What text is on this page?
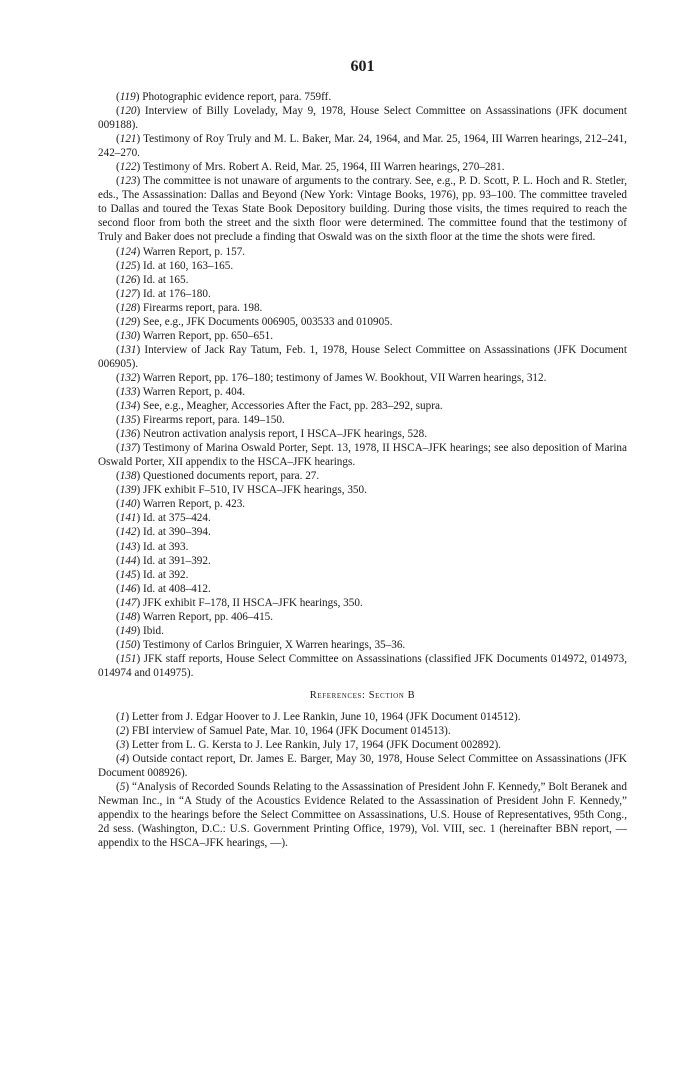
601

(119) Photographic evidence report, para. 759ff.

(120) Interview of Billy Lovelady, May 9, 1978, House Select Committee on Assassinations (JFK document 009188).

(121) Testimony of Roy Truly and M. L. Baker, Mar. 24, 1964, and Mar. 25, 1964, III Warren hearings, 212–241, 242–270.

(122) Testimony of Mrs. Robert A. Reid, Mar. 25, 1964, III Warren hearings, 270–281.

(123) The committee is not unaware of arguments to the contrary. See, e.g., P. D. Scott, P. L. Hoch and R. Stetler, eds., The Assassination: Dallas and Beyond (New York: Vintage Books, 1976), pp. 93–100. The committee traveled to Dallas and toured the Texas State Book Depository building. During those visits, the times required to reach the second floor from both the street and the sixth floor were determined. The committee found that the testimony of Truly and Baker does not preclude a finding that Oswald was on the sixth floor at the time the shots were fired.

(124) Warren Report, p. 157.

(125) Id. at 160, 163–165.

(126) Id. at 165.

(127) Id. at 176–180.

(128) Firearms report, para. 198.

(129) See, e.g., JFK Documents 006905, 003533 and 010905.

(130) Warren Report, pp. 650–651.

(131) Interview of Jack Ray Tatum, Feb. 1, 1978, House Select Committee on Assassinations (JFK Document 006905).

(132) Warren Report, pp. 176–180; testimony of James W. Bookhout, VII Warren hearings, 312.

(133) Warren Report, p. 404.

(134) See, e.g., Meagher, Accessories After the Fact, pp. 283–292, supra.

(135) Firearms report, para. 149–150.

(136) Neutron activation analysis report, I HSCA–JFK hearings, 528.

(137) Testimony of Marina Oswald Porter, Sept. 13, 1978, II HSCA–JFK hearings; see also deposition of Marina Oswald Porter, XII appendix to the HSCA–JFK hearings.

(138) Questioned documents report, para. 27.

(139) JFK exhibit F–510, IV HSCA–JFK hearings, 350.

(140) Warren Report, p. 423.

(141) Id. at 375–424.

(142) Id. at 390–394.

(143) Id. at 393.

(144) Id. at 391–392.

(145) Id. at 392.

(146) Id. at 408–412.

(147) JFK exhibit F–178, II HSCA–JFK hearings, 350.

(148) Warren Report, pp. 406–415.

(149) Ibid.

(150) Testimony of Carlos Bringuier, X Warren hearings, 35–36.

(151) JFK staff reports, House Select Committee on Assassinations (classified JFK Documents 014972, 014973, 014974 and 014975).

References: Section B

(1) Letter from J. Edgar Hoover to J. Lee Rankin, June 10, 1964 (JFK Document 014512).

(2) FBI interview of Samuel Pate, Mar. 10, 1964 (JFK Document 014513).

(3) Letter from L. G. Kersta to J. Lee Rankin, July 17, 1964 (JFK Document 002892).

(4) Outside contact report, Dr. James E. Barger, May 30, 1978, House Select Committee on Assassinations (JFK Document 008926).

(5) “Analysis of Recorded Sounds Relating to the Assassination of President John F. Kennedy,” Bolt Beranek and Newman Inc., in “A Study of the Acoustics Evidence Related to the Assassination of President John F. Kennedy,” appendix to the hearings before the Select Committee on Assassinations, U.S. House of Representatives, 95th Cong., 2d sess. (Washington, D.C.: U.S. Government Printing Office, 1979), Vol. VIII, sec. 1 (hereinafter BBN report, — appendix to the HSCA–JFK hearings, —).
